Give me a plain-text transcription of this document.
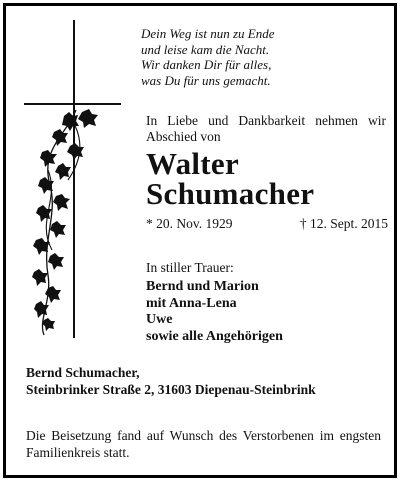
Dein Weg ist nun zu Ende
und leise kam die Nacht.
Wir danken Dir für alles,
was Du für uns gemacht.
In Liebe und Dankbarkeit nehmen wir
Abschied von
Walter
Schumacher
* 20. Nov. 1929	† 12. Sept. 2015
In stiller Trauer:
Bernd und Marion
mit Anna-Lena
Uwe
sowie alle Angehörigen
Bernd Schumacher,
Steinbrinker Straße 2, 31603 Diepenau-Steinbrink
Die Beisetzung fand auf Wunsch des Verstorbenen im engsten
Familienkreis statt.
